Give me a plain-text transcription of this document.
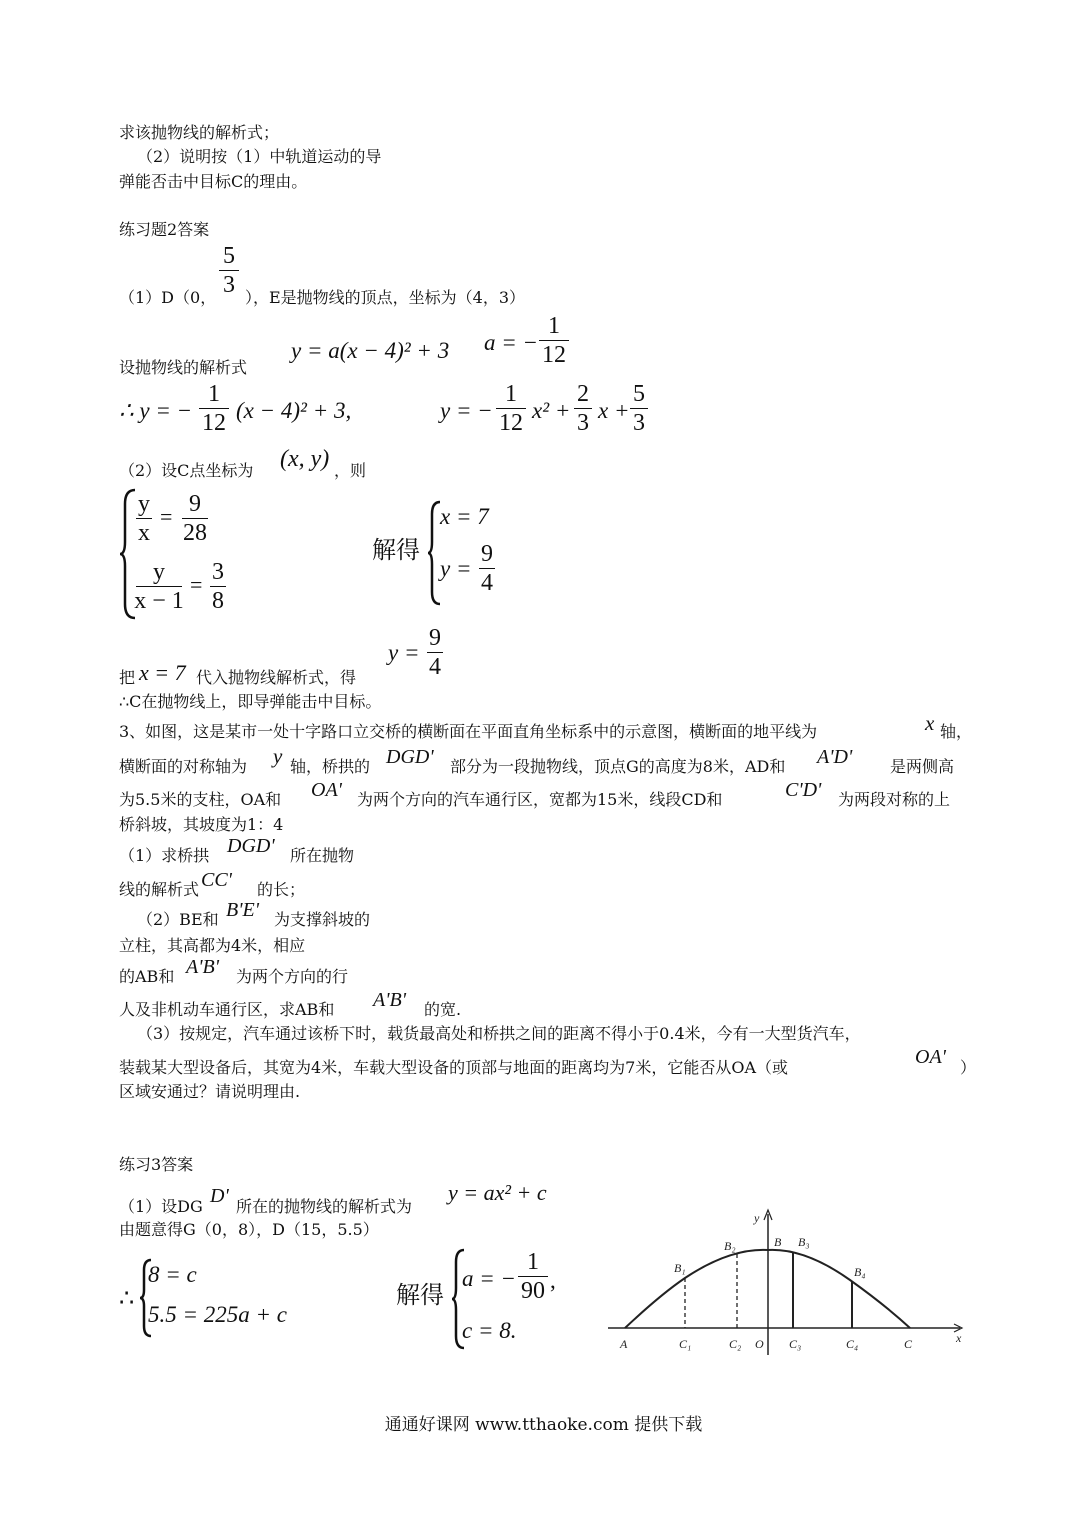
求该抛物线的解析式；
（2）说明按（1）中轨道运动的导
弹能否击中目标C的理由。
练习题2答案
（1）D（0，
5
3 ），E是抛物线的顶点，坐标为（4，3）
设抛物线的解析式
y = a(x − 4)² + 3 a = −
1
12
∴ y = −
1
12 (x − 4)² + 3,	y = −
1
12 x² +
2
3 x +
5
3
（2）设C点坐标为 (x, y) ，则
y
x
= 9
28
y
x − 1
= 3
8
解得
x = 7
y =
9
4
y =
9
4
把 x = 7 代入抛物线解析式，得
∴C在抛物线上，即导弹能击中目标。
3、如图，这是某市一处十字路口立交桥的横断面在平面直角坐标系中的示意图，横断面的地平线为	x 轴，
横断面的对称轴为 y 轴，桥拱的 DGD' 部分为一段抛物线，顶点G的高度为8米，AD和 A'D' 是两侧高
为5.5米的支柱，OA和 OA' 为两个方向的汽车通行区，宽都为15米，线段CD和	C'D' 为两段对称的上
桥斜坡，其坡度为1：4
（1）求桥拱 DGD' 所在抛物
线的解析式 CC' 的长；
（2）BE和 B'E' 为支撑斜坡的
立柱，其高都为4米，相应
的AB和 A'B' 为两个方向的行
人及非机动车通行区，求AB和 A'B' 的宽.
（3）按规定，汽车通过该桥下时，载货最高处和桥拱之间的距离不得小于0.4米，今有一大型货汽车，
装载某大型设备后，其宽为4米，车载大型设备的顶部与地面的距离均为7米，它能否从OA（或	OA' ）
区域安通过？请说明理由.
练习3答案
（1）设DG D' 所在的抛物线的解析式为
y = ax² + c
由题意得G（0，8），D（15，5.5）
∴
8 = c
5.5 = 225a + c
解得
a = −
1
90 ,
c = 8.
y
x
A	C₁	C₂ O C₃	C₄	C
B₁
B₂	B B₃
B₄
通通好课网 www.tthaoke.com 提供下载
